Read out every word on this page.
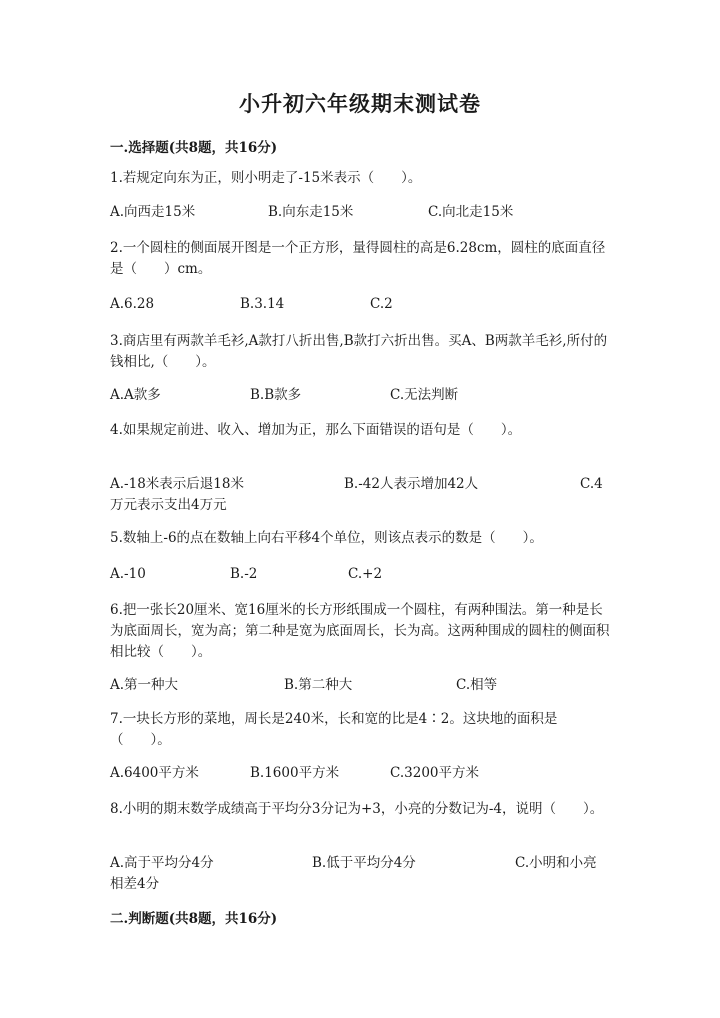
小升初六年级期末测试卷
一.选择题(共8题，共16分)
1.若规定向东为正，则小明走了-15米表示（　　）。
A.向西走15米	B.向东走15米	C.向北走15米
2.一个圆柱的侧面展开图是一个正方形，量得圆柱的高是6.28cm，圆柱的底面直径是（　　）cm。
A.6.28	B.3.14	C.2
3.商店里有两款羊毛衫,A款打八折出售,B款打六折出售。买A、B两款羊毛衫,所付的钱相比,（　　）。
A.A款多	B.B款多	C.无法判断
4.如果规定前进、收入、增加为正，那么下面错误的语句是（　　）。
A.-18米表示后退18米	B.-42人表示增加42人	C.4万元表示支出4万元
5.数轴上-6的点在数轴上向右平移4个单位，则该点表示的数是（　　）。
A.-10	B.-2	C.+2
6.把一张长20厘米、宽16厘米的长方形纸围成一个圆柱，有两种围法。第一种是长为底面周长，宽为高；第二种是宽为底面周长，长为高。这两种围成的圆柱的侧面积相比较（　　）。
A.第一种大	B.第二种大	C.相等
7.一块长方形的菜地，周长是240米，长和宽的比是4∶2。这块地的面积是（　　）。
A.6400平方米	B.1600平方米	C.3200平方米
8.小明的期末数学成绩高于平均分3分记为+3，小亮的分数记为-4，说明（　　）。
A.高于平均分4分	B.低于平均分4分	C.小明和小亮相差4分
二.判断题(共8题，共16分)
